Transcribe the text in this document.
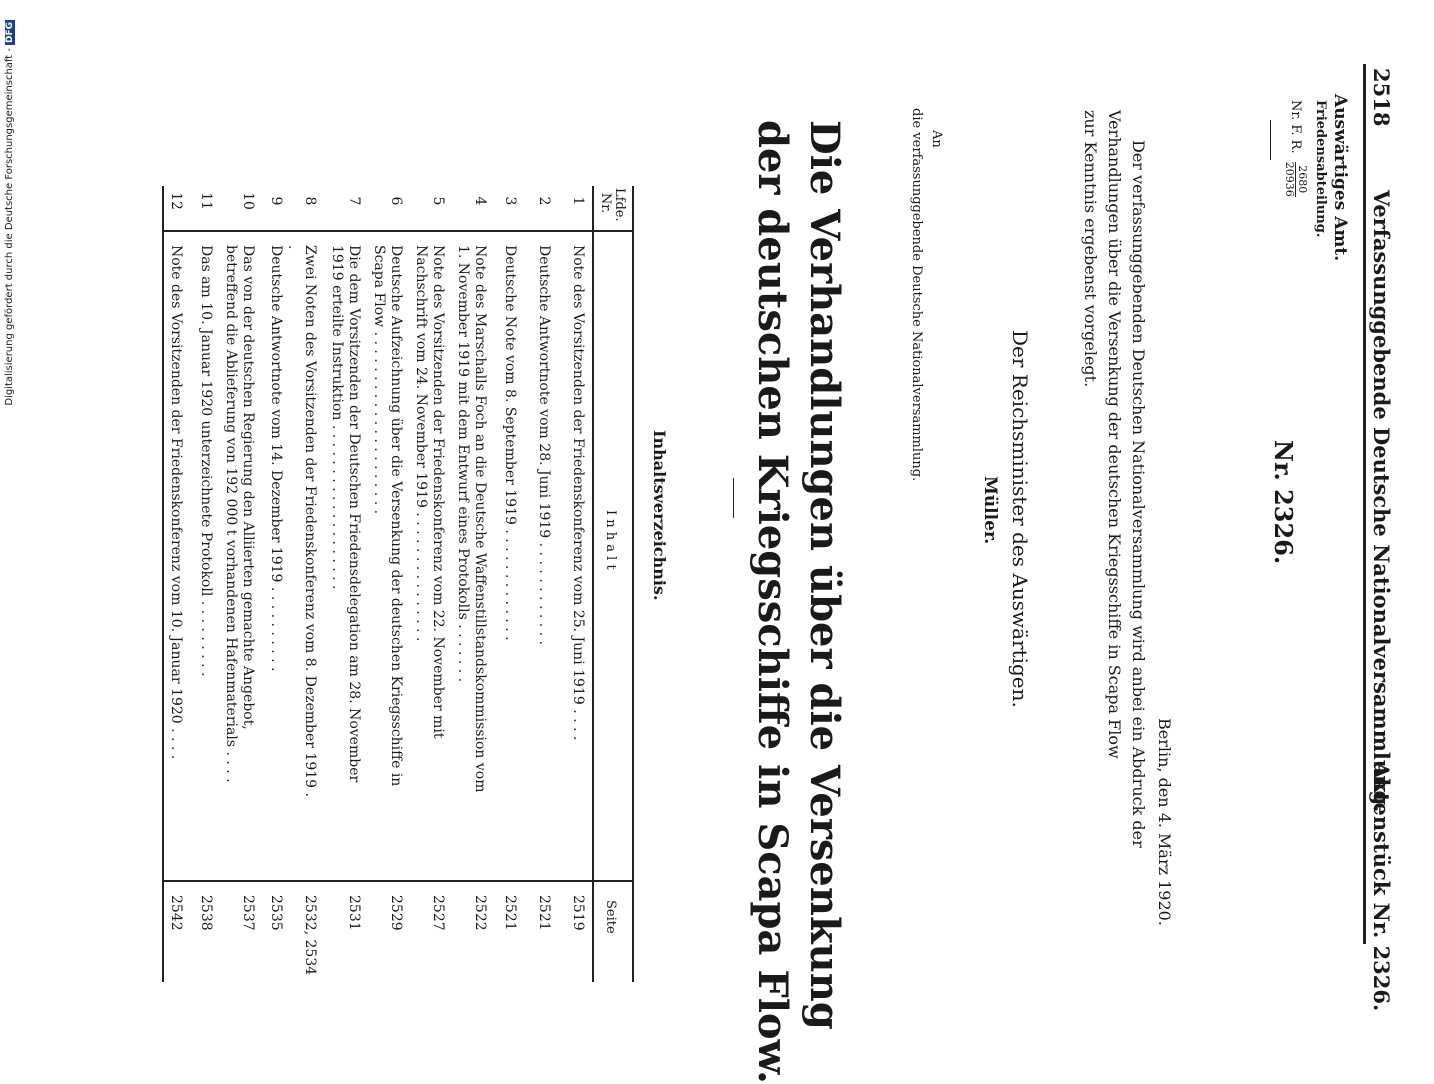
2518
Verfassunggebende Deutsche Nationalversammlung.
Aktenstück Nr. 2326.
Auswärtiges Amt.
Friedensabteilung.
Nr. F. R.
2680
20936
Nr. 2326.
Berlin, den 4. März 1920.
Der verfassunggebenden Deutschen Nationalversammlung wird anbei ein Abdruck der
Verhandlungen über die Versenkung der deutschen Kriegsschiffe in Scapa Flow
zur Kenntnis ergebenst vorgelegt.
Der Reichsminister des Auswärtigen.
Müller.
An
die verfassunggebende Deutsche Nationalversammlung.
Die Verhandlungen über die Versenkung
der deutschen Kriegsschiffe in Scapa Flow.
Inhaltsverzeichnis.
Lfde.
Nr.
I n h a l t
Seite
1
Note des Vorsitzenden der Friedenskonferenz vom 25. Juni 1919 . . . .
2519
2
Deutsche Antwortnote vom 28. Juni 1919 . . . . . . . . . . . .
2521
3
Deutsche Note vom 8. September 1919 . . . . . . . . . . . . .
2521
4
Note des Marschalls Foch an die Deutsche Waffenstillstandskommission vom 1. November 1919 mit dem Entwurf eines Protokolls . . . . . . .
2522
5
Note des Vorsitzenden der Friedenskonferenz vom 22. November mit Nachschrift vom 24. November 1919 . . . . . . . . . . . . . . .
2527
6
Deutsche Aufzeichnung über die Versenkung der deutschen Kriegsschiffe in Scapa Flow . . . . . . . . . . . . . . . . . . . . .
2529
7
Die dem Vorsitzenden der Deutschen Friedensdelegation am 28. November 1919 erteilte Instruktion . . . . . . . . . . . . . . . . . . .
2531
8
Zwei Noten des Vorsitzenden der Friedenskonferenz vom 8. Dezember 1919 . .
2532, 2534
9
Deutsche Antwortnote vom 14. Dezember 1919 . . . . . . . . . .
2535
10
Das von der deutschen Regierung den Alliierten gemachte Angebot, betreffend die Ablieferung von 192 000 t vorhandenen Hafenmaterials . . . .
2537
11
Das am 10. Januar 1920 unterzeichnete Protokoll . . . . . . . . .
2538
12
Note des Vorsitzenden der Friedenskonferenz vom 10. Januar 1920 . . . .
2542
Digitalisierung gefördert durch die Deutsche Forschungsgemeinschaft -DFG
